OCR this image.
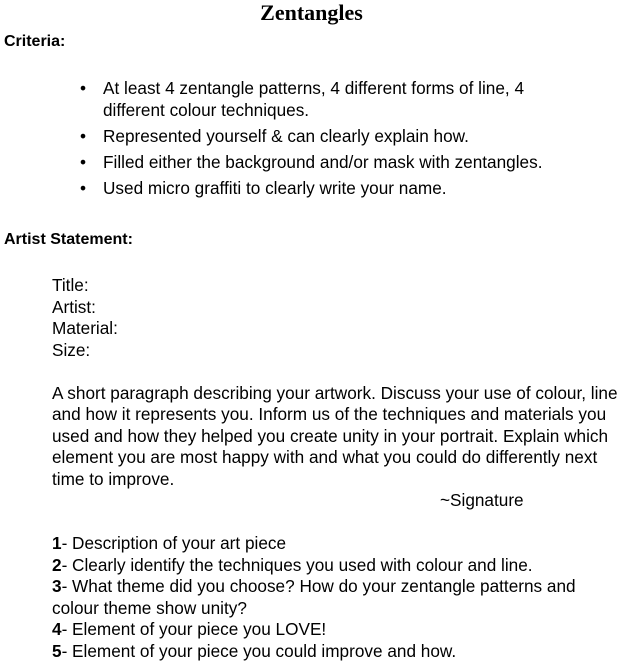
Zentangles
Criteria:
• At least 4 zentangle patterns, 4 different forms of line, 4 different colour techniques.
• Represented yourself & can clearly explain how.
• Filled either the background and/or mask with zentangles.
• Used micro graffiti to clearly write your name.
Artist Statement:
Title:
Artist:
Material:
Size:
A short paragraph describing your artwork. Discuss your use of colour, line and how it represents you. Inform us of the techniques and materials you used and how they helped you create unity in your portrait. Explain which element you are most happy with and what you could do differently next time to improve.
~Signature
1- Description of your art piece
2- Clearly identify the techniques you used with colour and line.
3- What theme did you choose? How do your zentangle patterns and colour theme show unity?
4- Element of your piece you LOVE!
5- Element of your piece you could improve and how.
